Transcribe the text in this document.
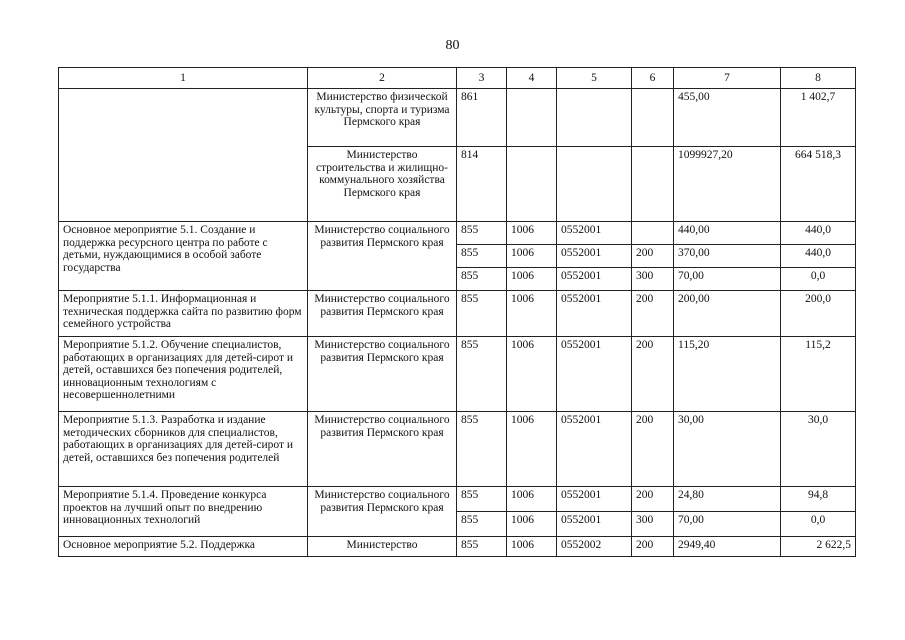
80
1	2	3	4	5	6	7	8
	Министерство физической культуры, спорта и туризма Пермского края	861				455,00	1 402,7
	Министерство строительства и жилищно-коммунального хозяйства Пермского края	814				1099927,20	664 518,3
Основное мероприятие 5.1. Создание и поддержка ресурсного центра по работе с детьми, нуждающимися в особой заботе государства	Министерство социального развития Пермского края	855	1006	0552001		440,00	440,0
		855	1006	0552001	200	370,00	440,0
		855	1006	0552001	300	70,00	0,0
Мероприятие 5.1.1. Информационная и техническая поддержка сайта по развитию форм семейного устройства	Министерство социального развития Пермского края	855	1006	0552001	200	200,00	200,0
Мероприятие 5.1.2. Обучение специалистов, работающих в организациях для детей-сирот и детей, оставшихся без попечения родителей, инновационным технологиям с несовершеннолетними	Министерство социального развития Пермского края	855	1006	0552001	200	115,20	115,2
Мероприятие 5.1.3. Разработка и издание методических сборников для специалистов, работающих в организациях для детей-сирот и детей, оставшихся без попечения родителей	Министерство социального развития Пермского края	855	1006	0552001	200	30,00	30,0
Мероприятие 5.1.4. Проведение конкурса проектов на лучший опыт по внедрению инновационных технологий	Министерство социального развития Пермского края	855	1006	0552001	200	24,80	94,8
		855	1006	0552001	300	70,00	0,0
Основное мероприятие 5.2. Поддержка	Министерство	855	1006	0552002	200	2949,40	2 622,5
